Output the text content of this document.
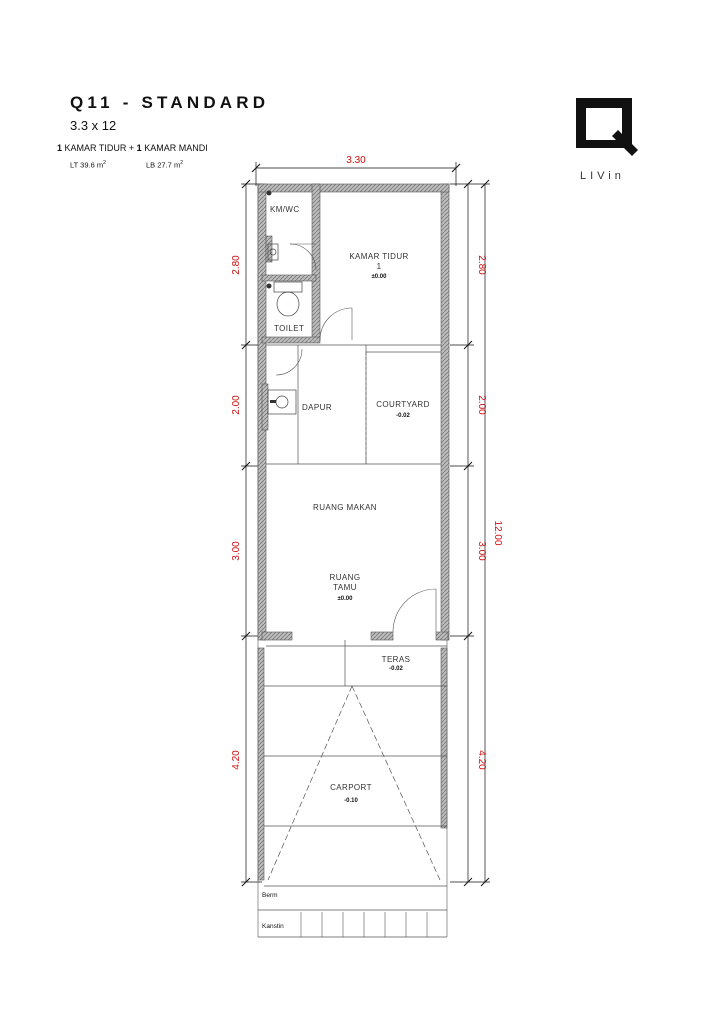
Q11 - STANDARD
3.3 x 12
1 KAMAR TIDUR + 1 KAMAR MANDI
LT 39.6 $m^2$	LB 27.7 $m^2$
LIVin
KM/WC
KAMAR TIDUR
1
±0.00
TOILET
DAPUR	COURTYARD
-0.02
RUANG MAKAN
RUANG
TAMU
±0.00
TERAS
-0.02
CARPORT
-0.10
Berm
Kanstin
3.30
2.80
2.00
3.00
4.20
2.80
2.00
3.00
4.20
12.00
